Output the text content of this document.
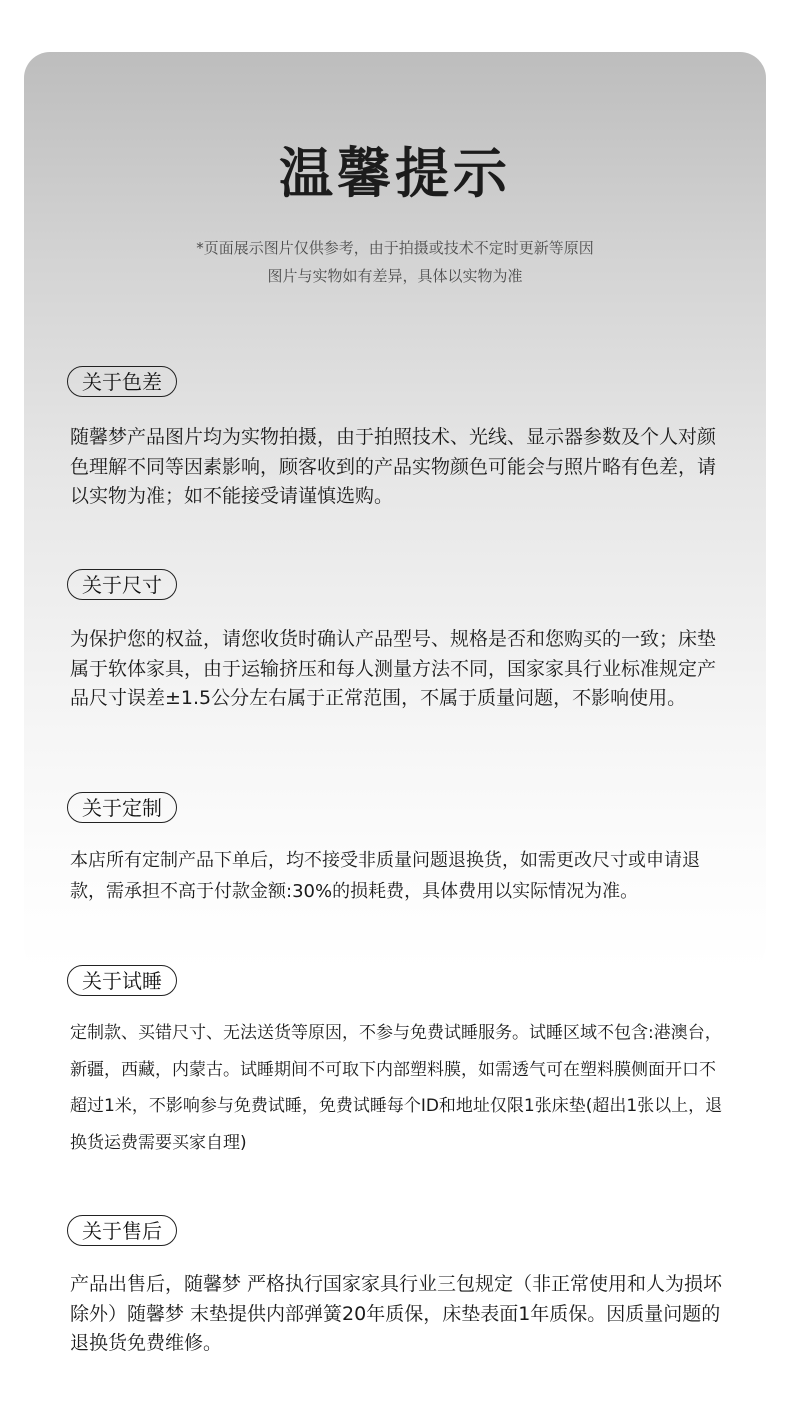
温馨提示
*页面展示图片仅供参考，由于拍摄或技术不定时更新等原因
图片与实物如有差异，具体以实物为准
关于色差

随馨梦产品图片均为实物拍摄，由于拍照技术、光线、显示器参数及个人对颜色理解不同等因素影响，顾客收到的产品实物颜色可能会与照片略有色差，请以实物为准；如不能接受请谨慎选购。

关于尺寸

为保护您的权益，请您收货时确认产品型号、规格是否和您购买的一致；床垫属于软体家具，由于运输挤压和每人测量方法不同，国家家具行业标准规定产品尺寸误差±1.5公分左右属于正常范围，不属于质量问题，不影响使用。

关于定制

本店所有定制产品下单后，均不接受非质量问题退换货，如需更改尺寸或申请退款，需承担不高于付款金额:30%的损耗费，具体费用以实际情况为准。

关于试睡

定制款、买错尺寸、无法送货等原因，不参与免费试睡服务。试睡区域不包含:港澳台，新疆，西藏，内蒙古。试睡期间不可取下内部塑料膜，如需透气可在塑料膜侧面开口不超过1米，不影响参与免费试睡，免费试睡每个ID和地址仅限1张床垫(超出1张以上，退换货运费需要买家自理)

关于售后

产品出售后，随馨梦 严格执行国家家具行业三包规定（非正常使用和人为损坏除外）随馨梦 末垫提供内部弹簧20年质保，床垫表面1年质保。因质量问题的退换货免费维修。
